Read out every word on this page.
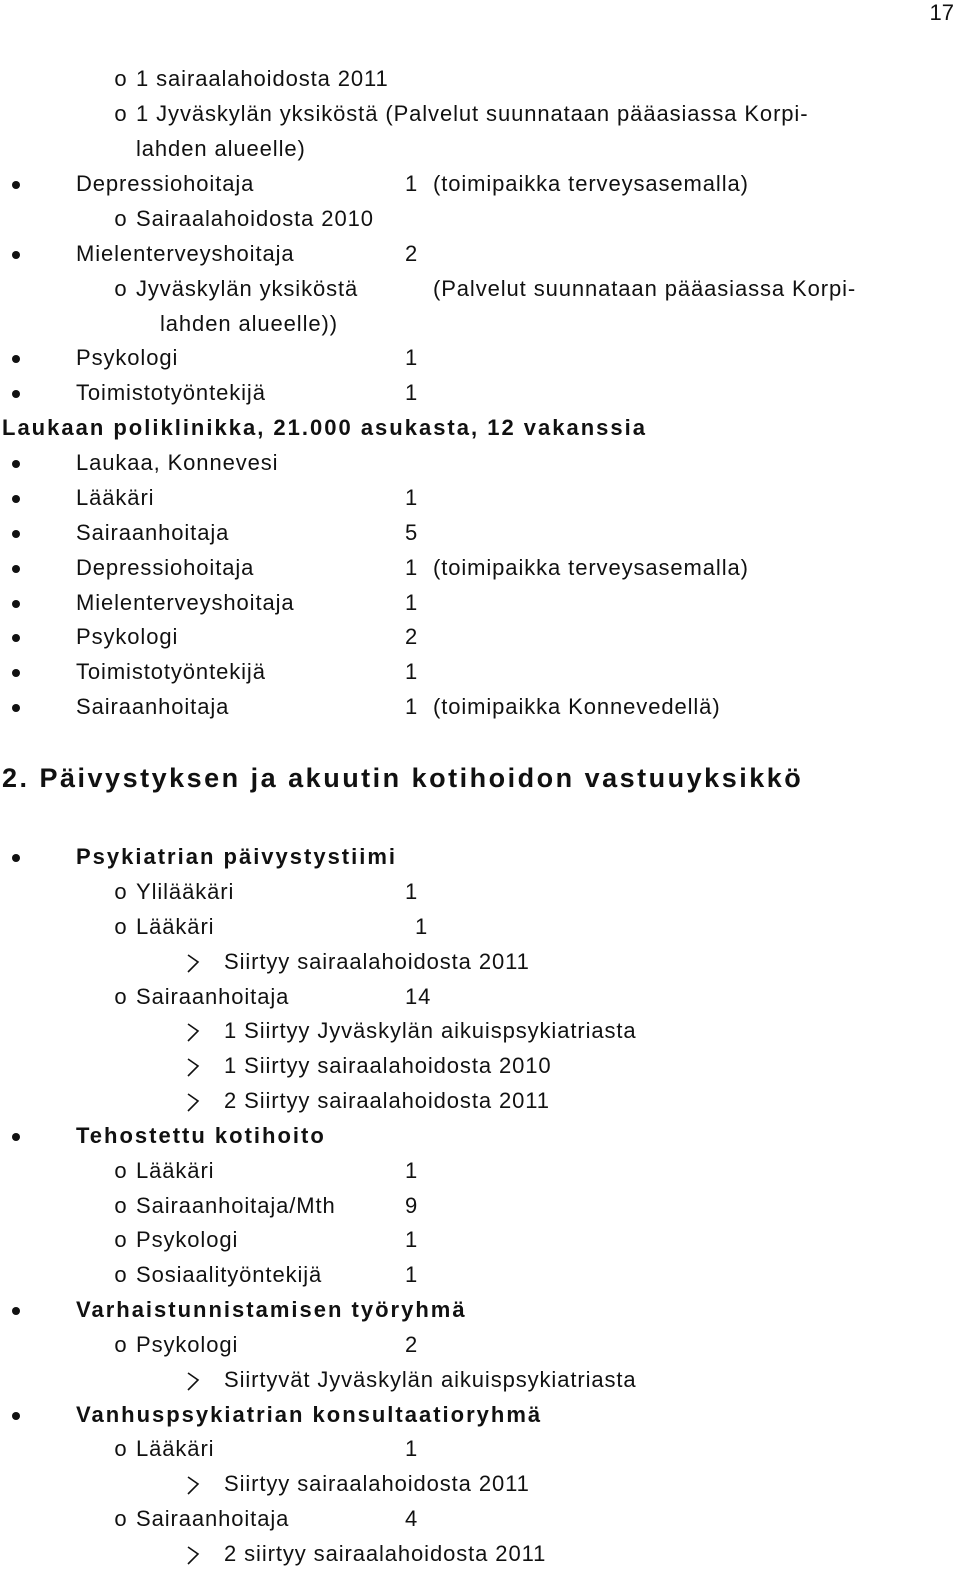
17
o 1 sairaalahoidosta 2011
o 1 Jyväskylän yksiköstä (Palvelut suunnataan pääasiassa Korpi-
lahden alueelle)
Depressiohoitaja	1 (toimipaikka terveysasemalla)
o Sairaalahoidosta 2010
Mielenterveyshoitaja	2
o Jyväskylän yksiköstä	(Palvelut suunnataan pääasiassa Korpi-
lahden alueelle))
Psykologi	1
Toimistotyöntekijä	1
Laukaan poliklinikka, 21.000 asukasta, 12 vakanssia
Laukaa, Konnevesi
Lääkäri	1
Sairaanhoitaja	5
Depressiohoitaja	1 (toimipaikka terveysasemalla)
Mielenterveyshoitaja	1
Psykologi	2
Toimistotyöntekijä	1
Sairaanhoitaja	1 (toimipaikka Konnevedellä)
2. Päivystyksen ja akuutin kotihoidon vastuuyksikkö
Psykiatrian päivystystiimi
o Ylilääkäri	1
o Lääkäri	1
Siirtyy sairaalahoidosta 2011
o Sairaanhoitaja	14
1 Siirtyy Jyväskylän aikuispsykiatriasta
1 Siirtyy sairaalahoidosta 2010
2 Siirtyy sairaalahoidosta 2011
Tehostettu kotihoito
o Lääkäri	1
o Sairaanhoitaja/Mth	9
o Psykologi	1
o Sosiaalityöntekijä	1
Varhaistunnistamisen työryhmä
o Psykologi	2
Siirtyvät Jyväskylän aikuispsykiatriasta
Vanhuspsykiatrian konsultaatioryhmä
o Lääkäri	1
Siirtyy sairaalahoidosta 2011
o Sairaanhoitaja	4
2 siirtyy sairaalahoidosta 2011
